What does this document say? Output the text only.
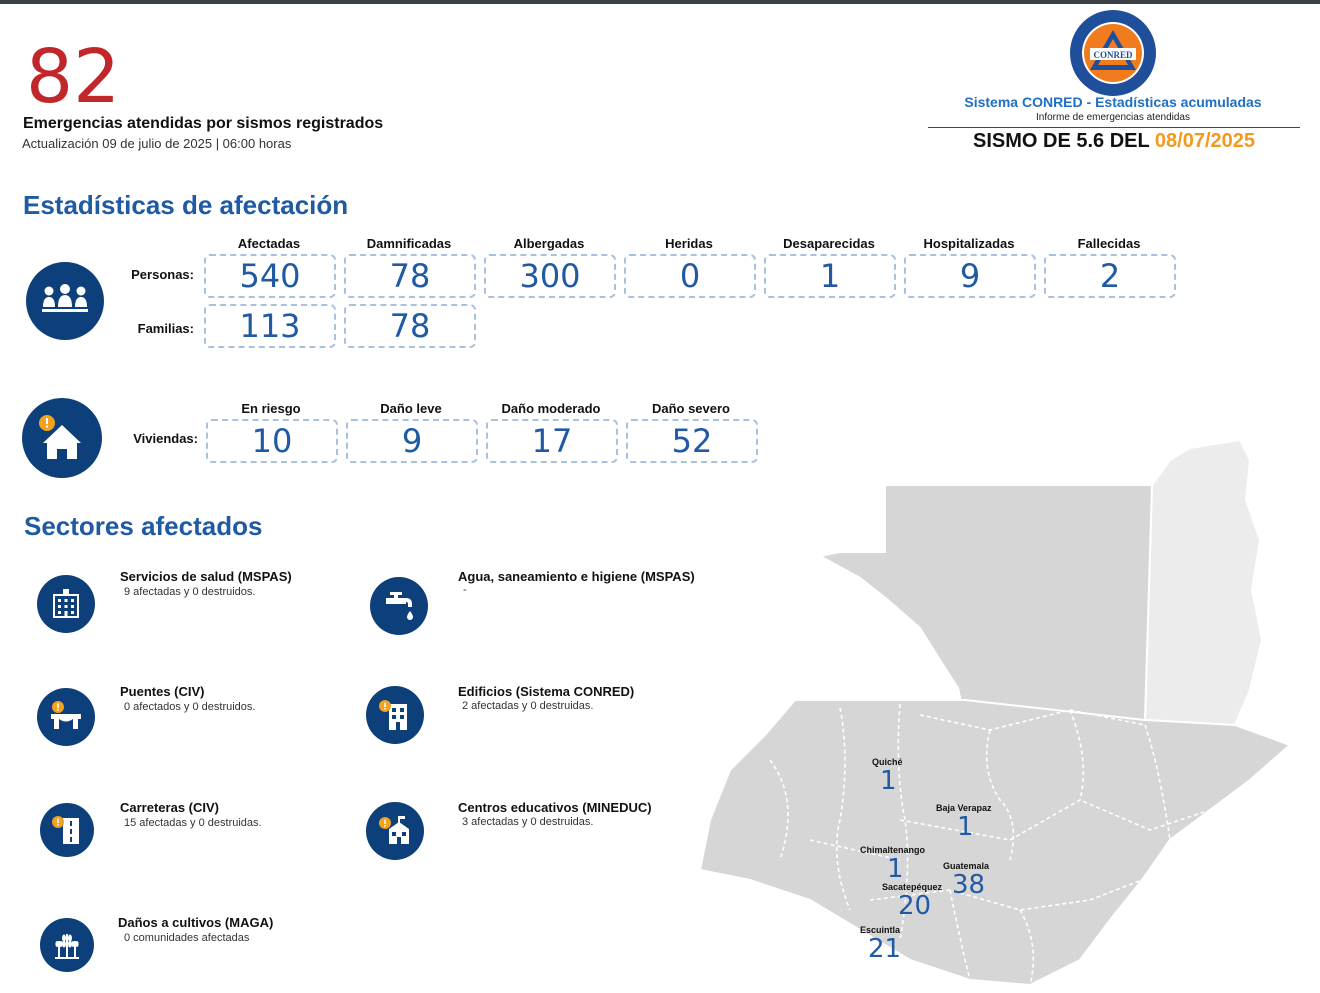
82
Emergencias atendidas por sismos registrados
Actualización 09 de julio de 2025 | 06:00 horas
CONRED
Sistema CONRED - Estadísticas acumuladas
Informe de emergencias atendidas
SISMO DE 5.6 DEL 08/07/2025
Estadísticas de afectación
Afectadas	Damnificadas	Albergadas	Heridas	Desaparecidas	Hospitalizadas	Fallecidas
Personas:	540	78	300	0	1	9	2
Familias:	113	78
En riesgo	Daño leve	Daño moderado	Daño severo
Viviendas:	10	9	17	52
Sectores afectados
Servicios de salud (MSPAS)
9 afectadas y 0 destruidos.
Agua, saneamiento e higiene (MSPAS)
-
Puentes (CIV)
0 afectados y 0 destruidos.
Edificios (Sistema CONRED)
2 afectadas y 0 destruidas.
Carreteras (CIV)
15 afectadas y 0 destruidas.
Centros educativos (MINEDUC)
3 afectadas y 0 destruidas.
Daños a cultivos (MAGA)
0 comunidades afectadas
Quiché
1
Baja Verapaz
1
Chimaltenango
1	Guatemala
38
Sacatepéquez
20
Escuintla
21
